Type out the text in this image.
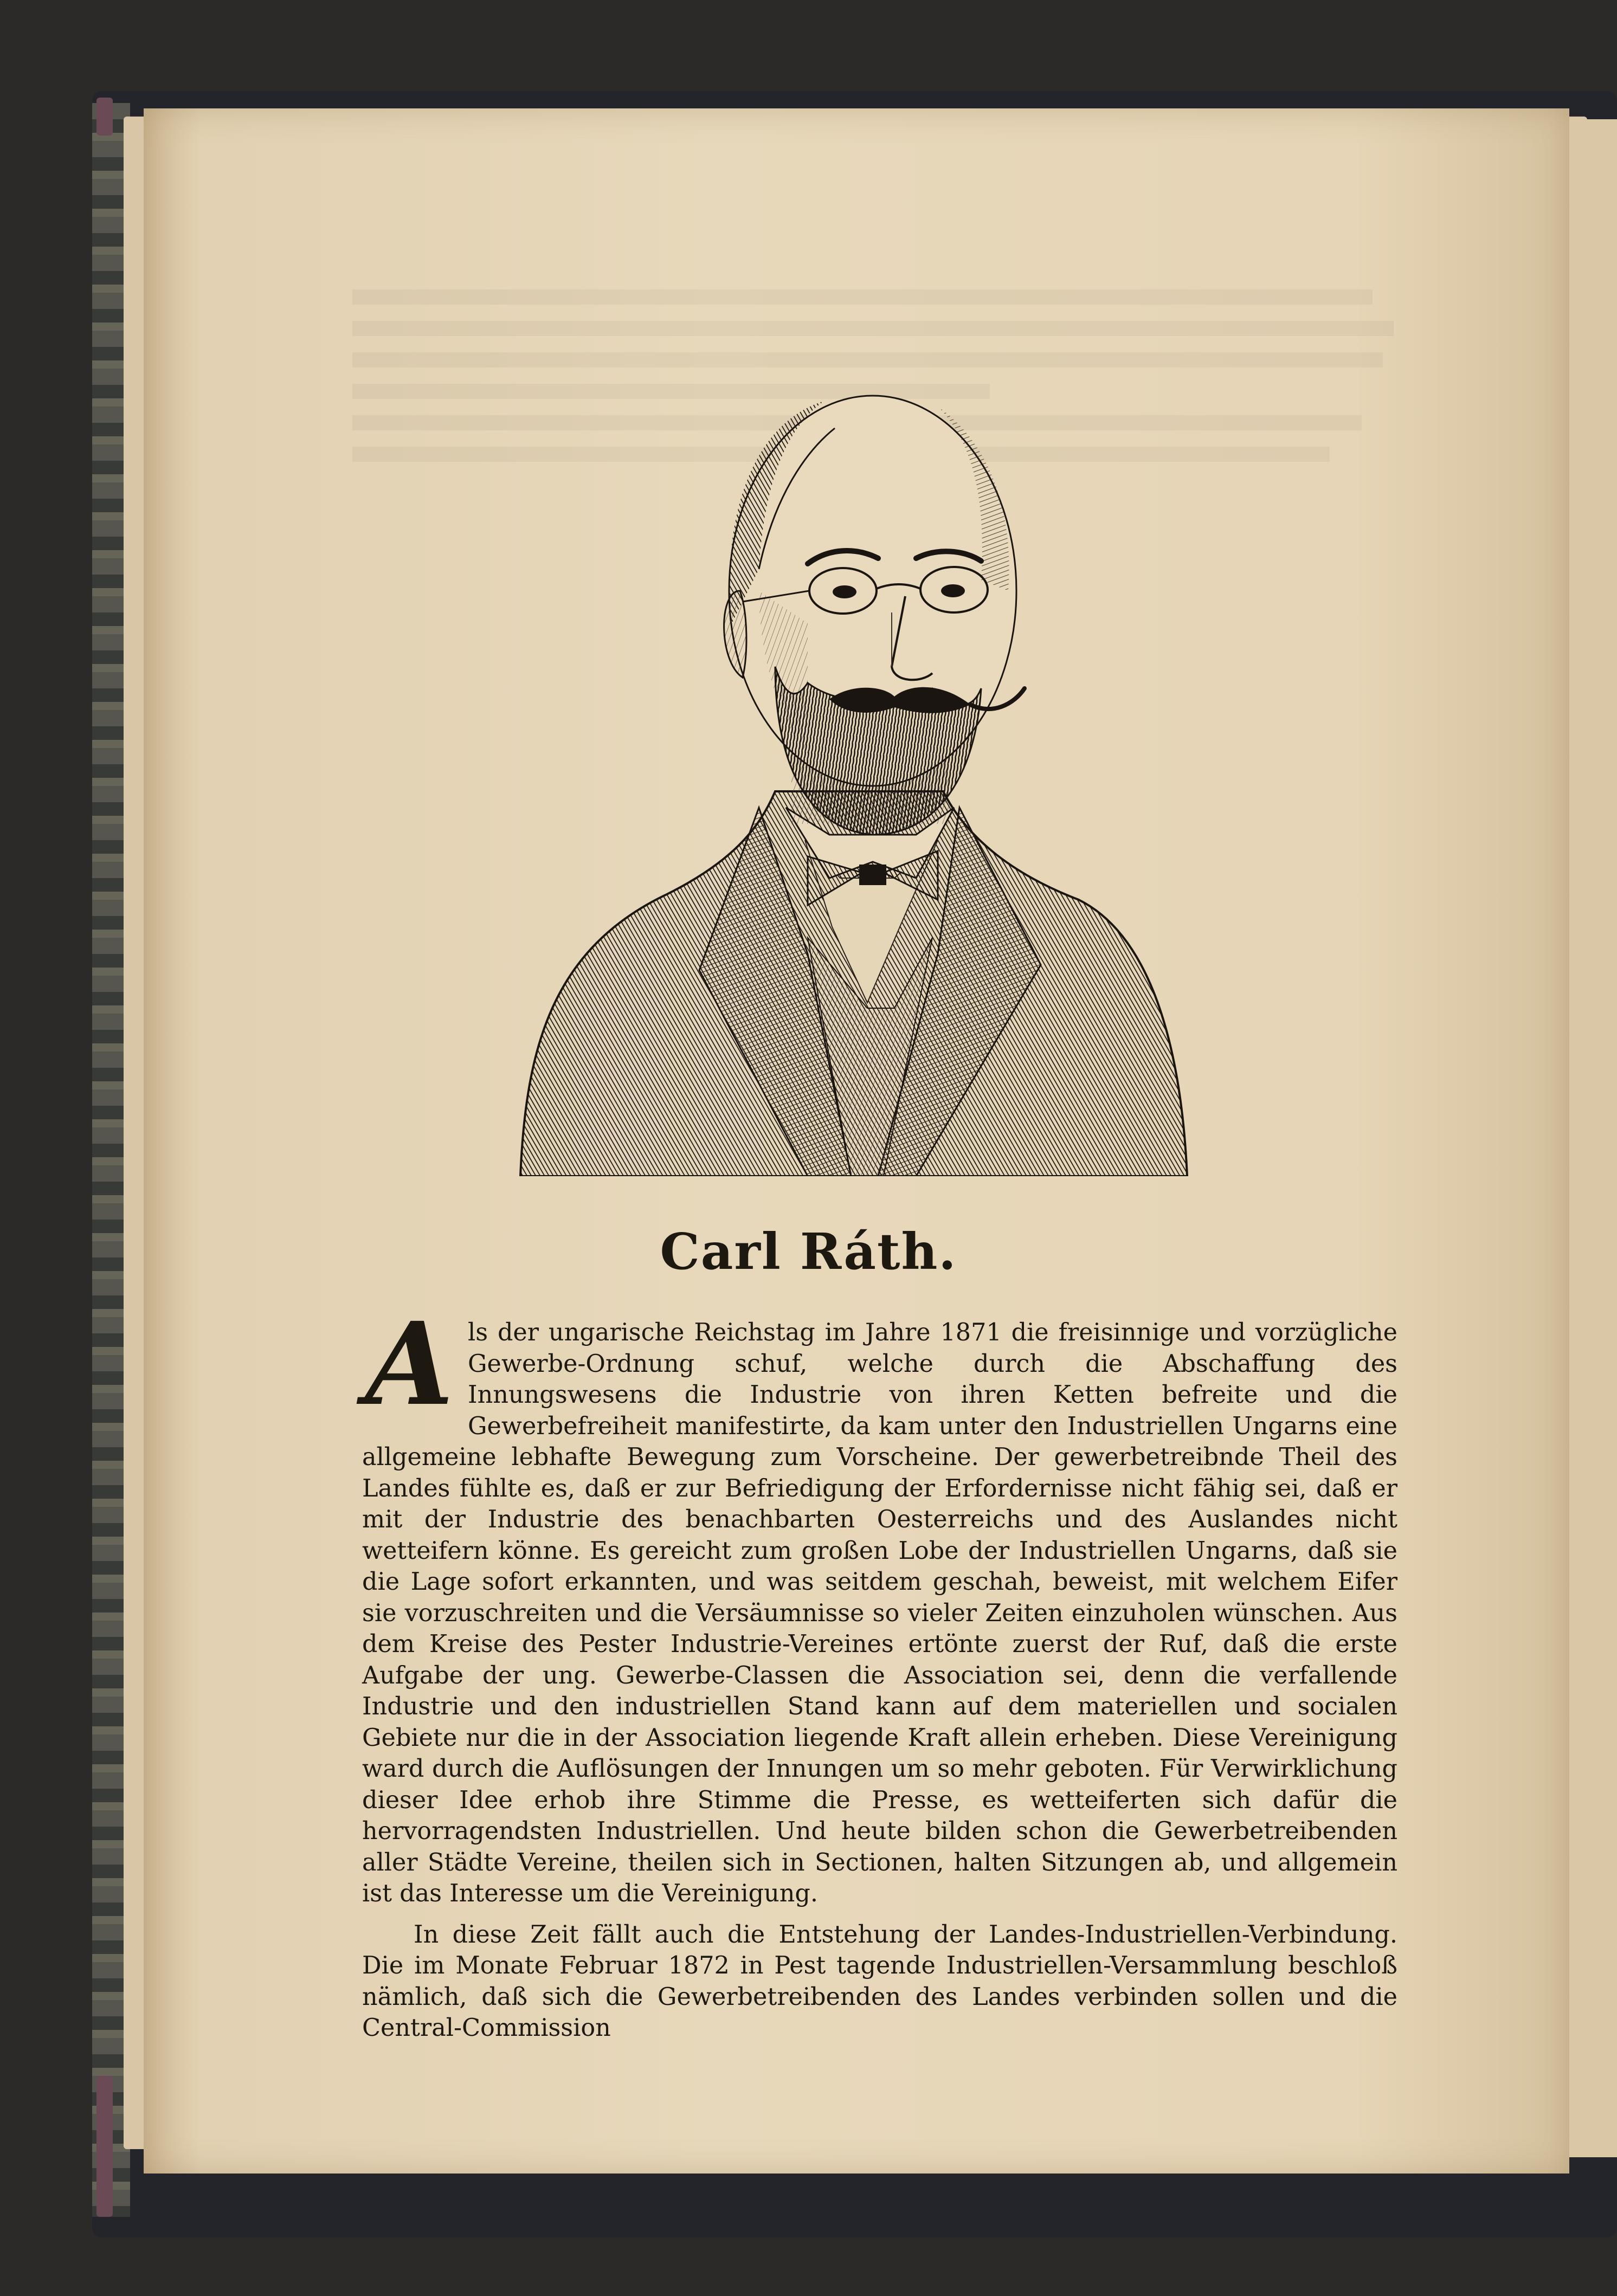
Carl Ráth.

Als der ungarische Reichstag im Jahre 1871 die freisinnige und vorzügliche Gewerbe-Ordnung schuf, welche durch die Abschaffung des Innungswesens die Industrie von ihren Ketten befreite und die Gewerbefreiheit manifestirte, da kam unter den Industriellen Ungarns eine allgemeine lebhafte Bewegung zum Vorscheine. Der gewerbetreibnde Theil des Landes fühlte es, daß er zur Befriedigung der Erfordernisse nicht fähig sei, daß er mit der Industrie des benachbarten Oesterreichs und des Auslandes nicht wetteifern könne. Es gereicht zum großen Lobe der Industriellen Ungarns, daß sie die Lage sofort erkannten, und was seitdem geschah, beweist, mit welchem Eifer sie vorzuschreiten und die Versäumnisse so vieler Zeiten einzuholen wünschen. Aus dem Kreise des Pester Industrie-Vereines ertönte zuerst der Ruf, daß die erste Aufgabe der ung. Gewerbe-Classen die Association sei, denn die verfallende Industrie und den industriellen Stand kann auf dem materiellen und socialen Gebiete nur die in der Association liegende Kraft allein erheben. Diese Vereinigung ward durch die Auflösungen der Innungen um so mehr geboten. Für Verwirklichung dieser Idee erhob ihre Stimme die Presse, es wetteiferten sich dafür die hervorragendsten Industriellen. Und heute bilden schon die Gewerbetreibenden aller Städte Vereine, theilen sich in Sectionen, halten Sitzungen ab, und allgemein ist das Interesse um die Vereinigung.

In diese Zeit fällt auch die Entstehung der Landes-Industriellen-Verbindung. Die im Monate Februar 1872 in Pest tagende Industriellen-Versammlung beschloß nämlich, daß sich die Gewerbetreibenden des Landes verbinden sollen und die Central-Commission
